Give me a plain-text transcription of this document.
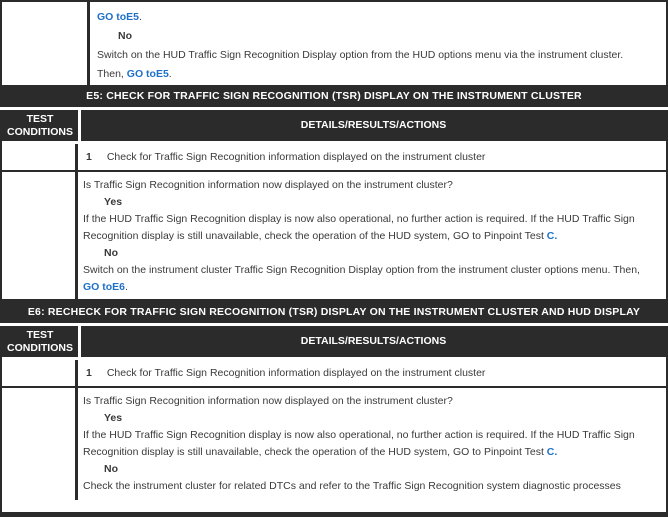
GO toE5.
No
Switch on the HUD Traffic Sign Recognition Display option from the HUD options menu via the instrument cluster.
Then, GO toE5.
E5: CHECK FOR TRAFFIC SIGN RECOGNITION (TSR) DISPLAY ON THE INSTRUMENT CLUSTER
TEST CONDITIONS
DETAILS/RESULTS/ACTIONS
1 Check for Traffic Sign Recognition information displayed on the instrument cluster
Is Traffic Sign Recognition information now displayed on the instrument cluster?
Yes
If the HUD Traffic Sign Recognition display is now also operational, no further action is required. If the HUD Traffic Sign Recognition display is still unavailable, check the operation of the HUD system, GO to Pinpoint Test C.
No
Switch on the instrument cluster Traffic Sign Recognition Display option from the instrument cluster options menu. Then, GO toE6.
E6: RECHECK FOR TRAFFIC SIGN RECOGNITION (TSR) DISPLAY ON THE INSTRUMENT CLUSTER AND HUD DISPLAY
TEST CONDITIONS
DETAILS/RESULTS/ACTIONS
1 Check for Traffic Sign Recognition information displayed on the instrument cluster
Is Traffic Sign Recognition information now displayed on the instrument cluster?
Yes
If the HUD Traffic Sign Recognition display is now also operational, no further action is required. If the HUD Traffic Sign Recognition display is still unavailable, check the operation of the HUD system, GO to Pinpoint Test C.
No
Check the instrument cluster for related DTCs and refer to the Traffic Sign Recognition system diagnostic processes
